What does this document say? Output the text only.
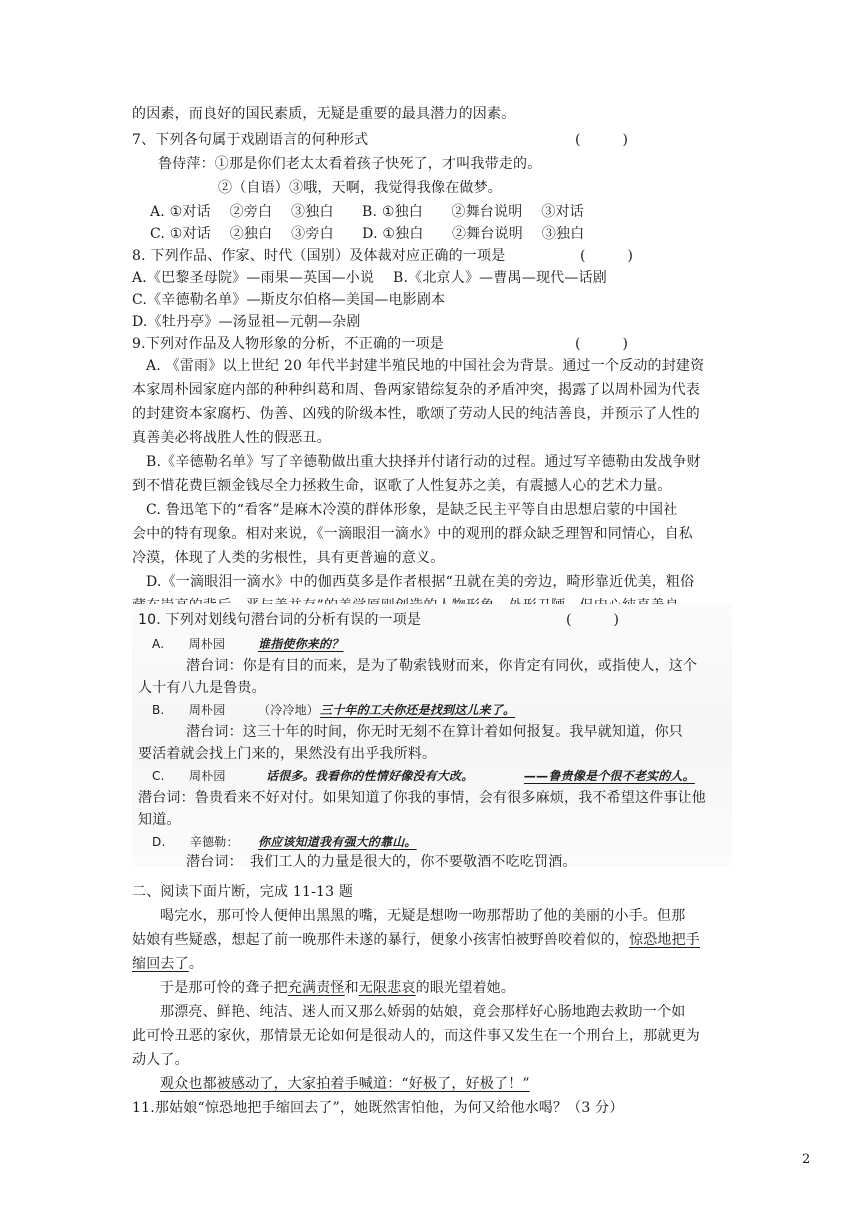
的因素，而良好的国民素质，无疑是重要的最具潜力的因素。
7、下列各句属于戏剧语言的何种形式	(　　　)
鲁侍萍：①那是你们老太太看着孩子快死了，才叫我带走的。
②（自语）③哦，天啊，我觉得我像在做梦。
A. ①对话　 ②旁白　 ③独白　　B. ①独白　　②舞台说明　 ③对话
C. ①对话　 ②独白　 ③旁白　　D. ①独白　　②舞台说明　 ③独白
8. 下列作品、作家、时代（国别）及体裁对应正确的一项是	(　　　)
A.《巴黎圣母院》—雨果—英国—小说　 B.《北京人》—曹禺—现代—话剧
C.《辛德勒名单》—斯皮尔伯格—美国—电影剧本
D.《牡丹亭》—汤显祖—元朝—杂剧
9.下列对作品及人物形象的分析，不正确的一项是	(　　　)
A. 《雷雨》以上世纪 20 年代半封建半殖民地的中国社会为背景。通过一个反动的封建资
本家周朴园家庭内部的种种纠葛和周、鲁两家错综复杂的矛盾冲突，揭露了以周朴园为代表
的封建资本家腐朽、伪善、凶残的阶级本性，歌颂了劳动人民的纯洁善良，并预示了人性的
真善美必将战胜人性的假恶丑。
B.《辛德勒名单》写了辛德勒做出重大抉择并付诸行动的过程。通过写辛德勒由发战争财
到不惜花费巨额金钱尽全力拯救生命，讴歌了人性复苏之美，有震撼人心的艺术力量。
C. 鲁迅笔下的“看客”是麻木冷漠的群体形象，是缺乏民主平等自由思想启蒙的中国社
会中的特有现象。相对来说，《一滴眼泪一滴水》中的观刑的群众缺乏理智和同情心，自私
冷漠，体现了人类的劣根性，具有更普遍的意义。
D.《一滴眼泪一滴水》中的伽西莫多是作者根据“丑就在美的旁边，畸形靠近优美，粗俗
10. 下列对划线句潜台词的分析有误的一项是	(　　　)
A.　　周朴园	谁指使你来的？
潜台词：你是有目的而来，是为了勒索钱财而来，你肯定有同伙，或指使人，这个
人十有八九是鲁贵。
B.　　周朴园	（冷冷地） 三十年的工夫你还是找到这儿来了。
潜台词：这三十年的时间，你无时无刻不在算计着如何报复。我早就知道，你只
要活着就会找上门来的，果然没有出乎我所料。
C.　　周朴园	话很多。我看你的性情好像没有大改。	——鲁贵像是个很不老实的人。
潜台词：鲁贵看来不好对付。如果知道了你我的事情，会有很多麻烦，我不希望这件事让他
知道。
D.　　辛德勒： 你应该知道我有强大的靠山。
潜台词：　我们工人的力量是很大的，你不要敬酒不吃吃罚酒。
二、阅读下面片断，完成 11-13 题
喝完水，那可怜人便伸出黑黑的嘴，无疑是想吻一吻那帮助了他的美丽的小手。但那
姑娘有些疑惑，想起了前一晚那件未遂的暴行，便象小孩害怕被野兽咬着似的，惊恐地把手
缩回去了。
于是那可怜的聋子把充满责怪和无限悲哀的眼光望着她。
那漂亮、鲜艳、纯洁、迷人而又那么娇弱的姑娘，竟会那样好心肠地跑去救助一个如
此可怜丑恶的家伙，那情景无论如何是很动人的，而这件事又发生在一个刑台上，那就更为
动人了。
观众也都被感动了，大家拍着手喊道：“好极了，好极了！”
11.那姑娘“惊恐地把手缩回去了”，她既然害怕他，为何又给他水喝？（3 分）
2
